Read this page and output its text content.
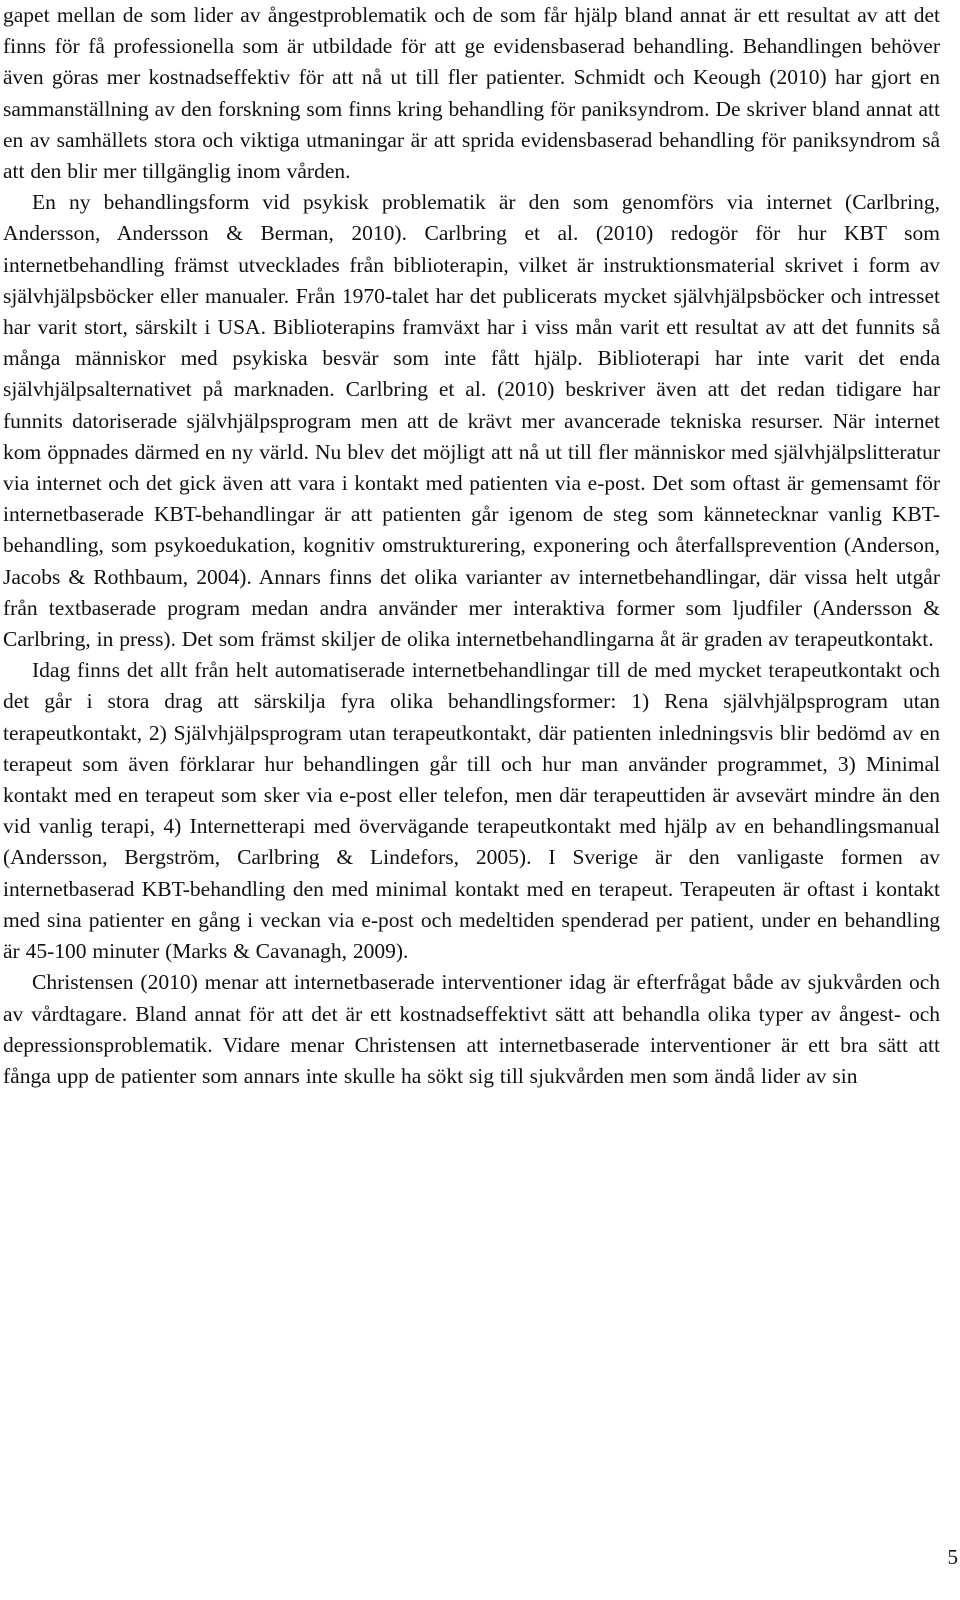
gapet mellan de som lider av ångestproblematik och de som får hjälp bland annat är ett resultat av att det finns för få professionella som är utbildade för att ge evidensbaserad behandling. Behandlingen behöver även göras mer kostnadseffektiv för att nå ut till fler patienter. Schmidt och Keough (2010) har gjort en sammanställning av den forskning som finns kring behandling för paniksyndrom. De skriver bland annat att en av samhällets stora och viktiga utmaningar är att sprida evidensbaserad behandling för paniksyndrom så att den blir mer tillgänglig inom vården.

En ny behandlingsform vid psykisk problematik är den som genomförs via internet (Carlbring, Andersson, Andersson & Berman, 2010). Carlbring et al. (2010) redogör för hur KBT som internetbehandling främst utvecklades från biblioterapin, vilket är instruktionsmaterial skrivet i form av självhjälpsböcker eller manualer. Från 1970-talet har det publicerats mycket självhjälpsböcker och intresset har varit stort, särskilt i USA. Biblioterapins framväxt har i viss mån varit ett resultat av att det funnits så många människor med psykiska besvär som inte fått hjälp. Biblioterapi har inte varit det enda självhjälpsalternativet på marknaden. Carlbring et al. (2010) beskriver även att det redan tidigare har funnits datoriserade självhjälpsprogram men att de krävt mer avancerade tekniska resurser. När internet kom öppnades därmed en ny värld. Nu blev det möjligt att nå ut till fler människor med självhjälpslitteratur via internet och det gick även att vara i kontakt med patienten via e-post. Det som oftast är gemensamt för internetbaserade KBT-behandlingar är att patienten går igenom de steg som kännetecknar vanlig KBT-behandling, som psykoedukation, kognitiv omstrukturering, exponering och återfallsprevention (Anderson, Jacobs & Rothbaum, 2004). Annars finns det olika varianter av internetbehandlingar, där vissa helt utgår från textbaserade program medan andra använder mer interaktiva former som ljudfiler (Andersson & Carlbring, in press). Det som främst skiljer de olika internetbehandlingarna åt är graden av terapeutkontakt.

Idag finns det allt från helt automatiserade internetbehandlingar till de med mycket terapeutkontakt och det går i stora drag att särskilja fyra olika behandlingsformer: 1) Rena självhjälpsprogram utan terapeutkontakt, 2) Självhjälpsprogram utan terapeutkontakt, där patienten inledningsvis blir bedömd av en terapeut som även förklarar hur behandlingen går till och hur man använder programmet, 3) Minimal kontakt med en terapeut som sker via e-post eller telefon, men där terapeuttiden är avsevärt mindre än den vid vanlig terapi, 4) Internetterapi med övervägande terapeutkontakt med hjälp av en behandlingsmanual (Andersson, Bergström, Carlbring & Lindefors, 2005). I Sverige är den vanligaste formen av internetbaserad KBT-behandling den med minimal kontakt med en terapeut. Terapeuten är oftast i kontakt med sina patienter en gång i veckan via e-post och medeltiden spenderad per patient, under en behandling är 45-100 minuter (Marks & Cavanagh, 2009).

Christensen (2010) menar att internetbaserade interventioner idag är efterfrågat både av sjukvården och av vårdtagare. Bland annat för att det är ett kostnadseffektivt sätt att behandla olika typer av ångest- och depressionsproblematik. Vidare menar Christensen att internetbaserade interventioner är ett bra sätt att fånga upp de patienter som annars inte skulle ha sökt sig till sjukvården men som ändå lider av sin

5
